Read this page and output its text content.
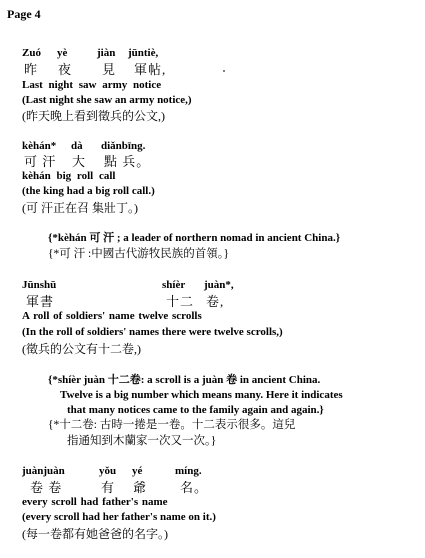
Page 4
Zuó yè	jiàn jūntiè,
昨 夜 見 軍帖,
Last night saw army notice
(Last night she saw an army notice,)
(昨天晚上看到徵兵的公文,)
kèhán* dà diǎnbīng.
可 汗 大 點 兵。
kèhán big roll call
(the king had a big roll call.)
(可 汗正在召 集壯丁。)
{*kèhán 可 汗 ; a leader of northern nomad in ancient China.}
{*可 汗 :中國古代游牧民族的首領。}
Jūnshū	shíèr juàn*,
軍書	十二 卷,
A roll of soldiers' name twelve scrolls
(In the roll of soldiers' names there were twelve scrolls,)
(徵兵的公文有十二卷,)
{*shíèr juàn 十二卷: a scroll is a juàn 卷 in ancient China.
Twelve is a big number which means many. Here it indicates
that many notices came to the family again and again.}
{*十二卷: 古時一捲是一卷。十二表示很多。這兒
指通知到木蘭家一次又一次。}
juànjuàn	yǒu yé	míng.
卷 卷	有 爺	名。
every scroll had father's name
(every scroll had her father's name on it.)
(每一卷都有她爸爸的名字。)
